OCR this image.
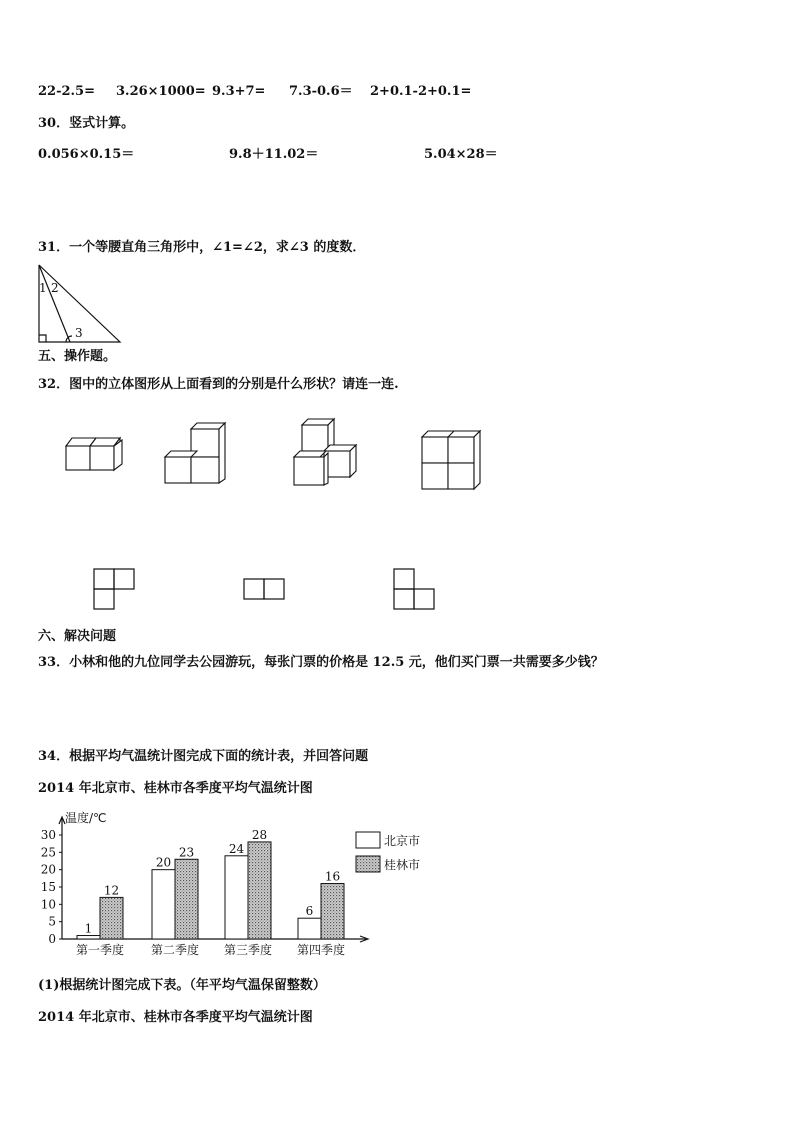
22-2.5= 3.26×1000= 9.3+7= 7.3-0.6＝ 2+0.1-2+0.1=
30．竖式计算。
0.056×0.15＝	9.8＋11.02＝	5.04×28＝
31．一个等腰直角三角形中，∠1=∠2，求∠3 的度数．
1 2
3
五、操作题。
32．图中的立体图形从上面看到的分别是什么形状？请连一连.
六、解决问题
33．小林和他的九位同学去公园游玩，每张门票的价格是 12.5 元，他们买门票一共需要多少钱？
34．根据平均气温统计图完成下面的统计表，并回答问题
2014 年北京市、桂林市各季度平均气温统计图
温度/℃
0
5
10
15
20
25
30
1
12
第一季度
20
23
第二季度
24
28
第三季度
6
16
第四季度
北京市
桂林市
(1)根据统计图完成下表。（年平均气温保留整数）
2014 年北京市、桂林市各季度平均气温统计图
